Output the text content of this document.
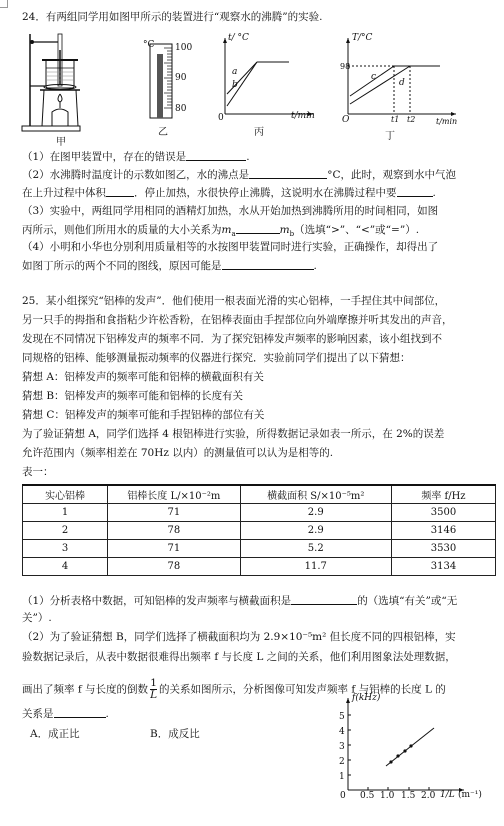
24．有两组同学用如图甲所示的装置进行“观察水的沸腾”的实验.
甲
°C 100
90
80
乙
t/ °C
0	t/min
a
b
丙
T/°C
98
O
c
d
t1 t2	t/min
丁
（1）在图甲装置中，存在的错误是	.
（2）水沸腾时温度计的示数如图乙，水的沸点是	°C，此时，观察到水中气泡
在上升过程中体积	．停止加热，水很快停止沸腾，这说明水在沸腾过程中要	.
（3）实验中，两组同学用相同的酒精灯加热，水从开始加热到沸腾所用的时间相同，如图
丙所示，则他们所用水的质量的大小关系为$m_a$	$m_b$（选填“>”、“<”或“=”）.
（4）小明和小华也分别利用质量相等的水按图甲装置同时进行实验，正确操作，却得出了
如图丁所示的两个不同的图线，原因可能是	.
25．某小组探究“铝棒的发声”．他们使用一根表面光滑的实心铝棒，一手捏住其中间部位，
另一只手的拇指和食指粘少许松香粉，在铝棒表面由手捏部位向外端摩擦并听其发出的声音，
发现在不同情况下铝棒发声的频率不同．为了探究铝棒发声频率的影响因素，该小组找到不
同规格的铝棒、能够测量振动频率的仪器进行探究．实验前同学们提出了以下猜想：
猜想 A：铝棒发声的频率可能和铝棒的横截面积有关
猜想 B：铝棒发声的频率可能和铝棒的长度有关
猜想 C：铝棒发声的频率可能和手捏铝棒的部位有关
为了验证猜想 A，同学们选择 4 根铝棒进行实验，所得数据记录如表一所示，在 2%的误差
允许范围内（频率相差在 70Hz 以内）的测量值可以认为是相等的.
表一：
实心铝棒	铝棒长度 L/×10⁻²m	横截面积 S/×10⁻⁵m²	频率 f/Hz
1	71	2.9	3500
2	78	2.9	3146
3	71	5.2	3530
4	78	11.7	3134
（1）分析表格中数据，可知铝棒的发声频率与横截面积是	的（选填“有关”或“无
关”）.
（2）为了验证猜想 B，同学们选择了横截面积均为 2.9×10⁻⁵m² 但长度不同的四根铝棒，实
验数据记录后，从表中数据很难得出频率 f 与长度 L 之间的关系，他们利用图象法处理数据，
画出了频率 f 与长度的倒数 $\frac{1}{L}$ 的关系如图所示，分析图像可知发声频率 f 与铝棒的长度 L 的
关系是	.
A．成正比	B．成反比
f(kHz)
0 0.5 1.0 1.5 2.0 1/L (m⁻¹)
1
2
3
4
5
